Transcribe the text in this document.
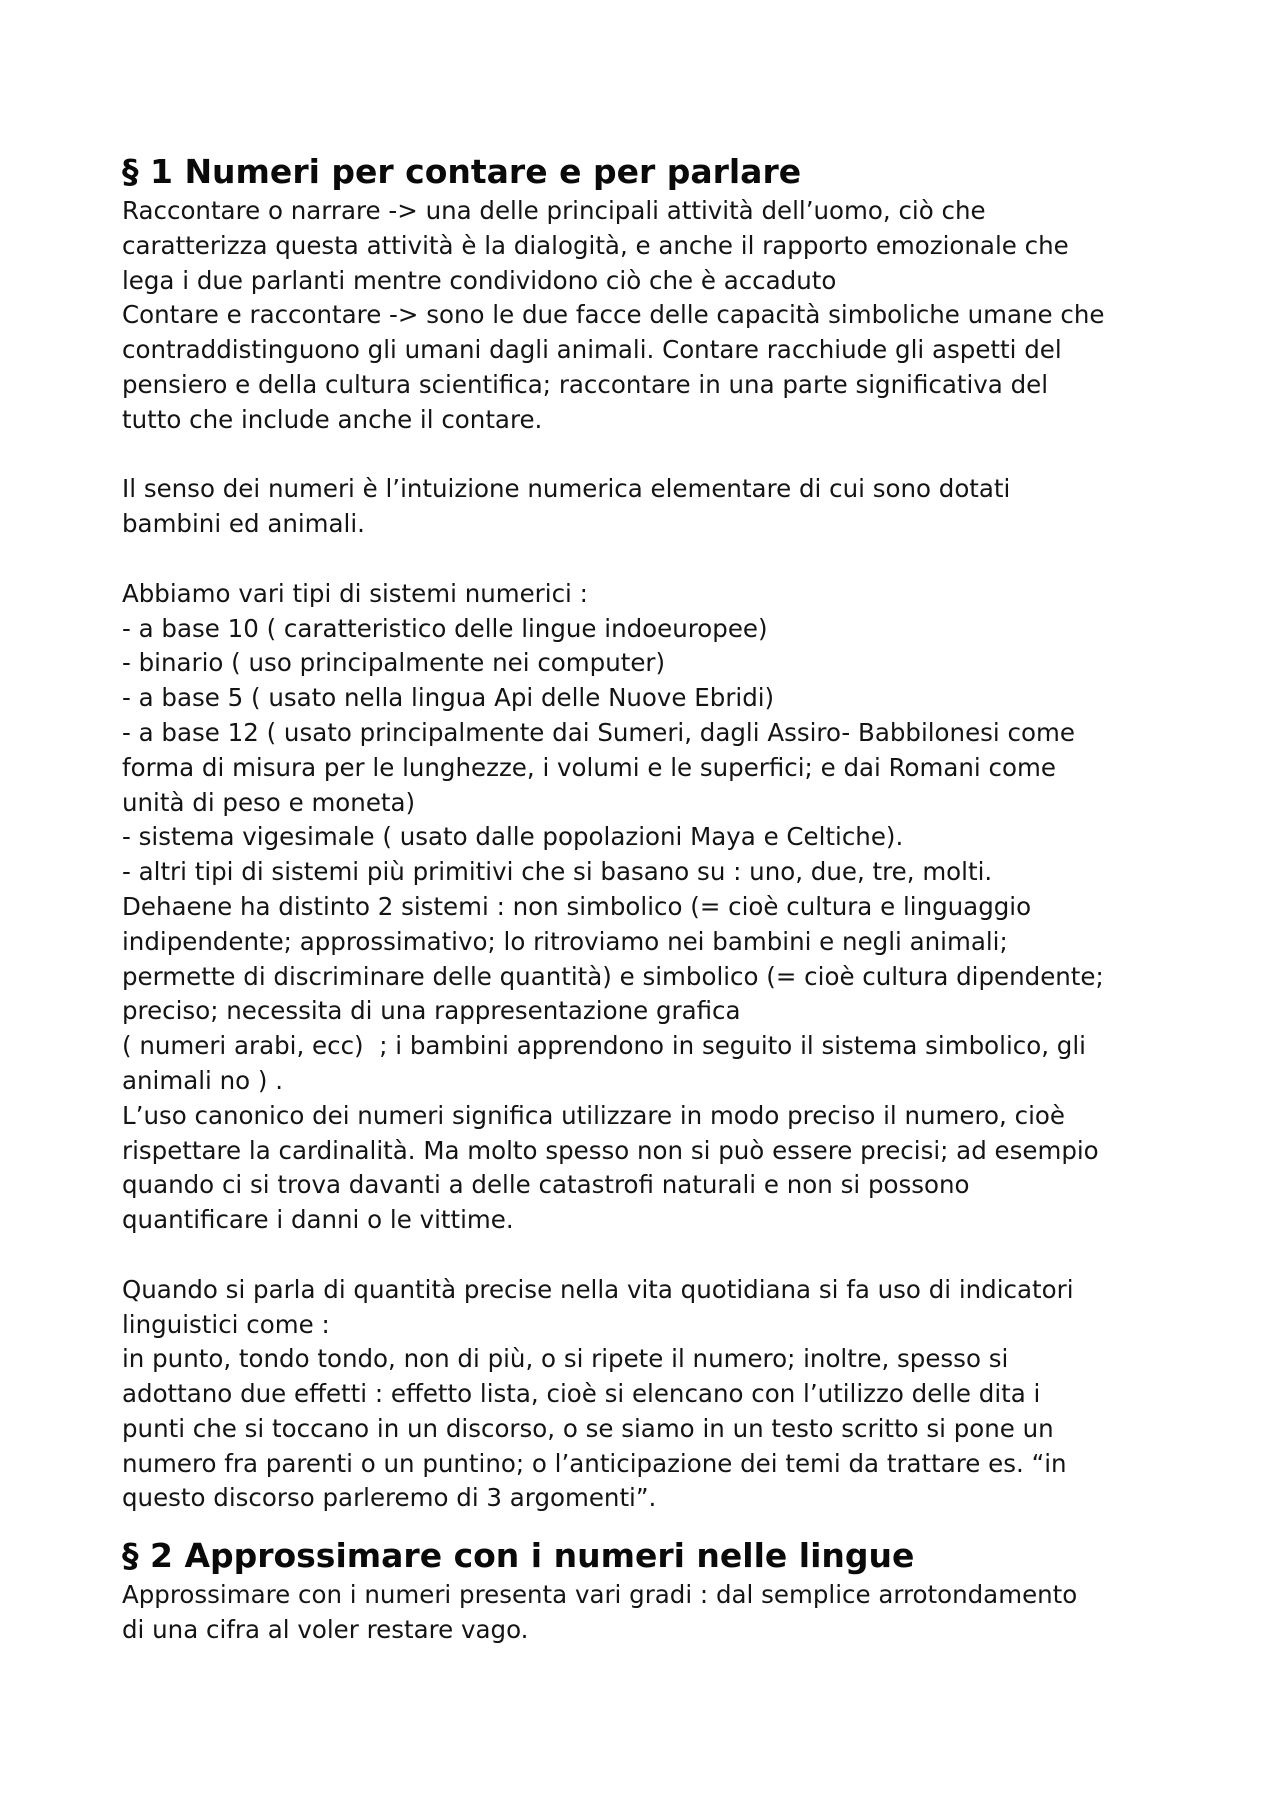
§ 1 Numeri per contare e per parlare

Raccontare o narrare -> una delle principali attività dell’uomo, ciò che

caratterizza questa attività è la dialogità, e anche il rapporto emozionale che

lega i due parlanti mentre condividono ciò che è accaduto

Contare e raccontare -> sono le due facce delle capacità simboliche umane che

contraddistinguono gli umani dagli animali. Contare racchiude gli aspetti del

pensiero e della cultura scientifica; raccontare in una parte significativa del

tutto che include anche il contare.

Il senso dei numeri è l’intuizione numerica elementare di cui sono dotati

bambini ed animali.

Abbiamo vari tipi di sistemi numerici :

- a base 10 ( caratteristico delle lingue indoeuropee)

- binario ( uso principalmente nei computer)

- a base 5 ( usato nella lingua Api delle Nuove Ebridi)

- a base 12 ( usato principalmente dai Sumeri, dagli Assiro- Babbilonesi come

forma di misura per le lunghezze, i volumi e le superfici; e dai Romani come

unità di peso e moneta)

- sistema vigesimale ( usato dalle popolazioni Maya e Celtiche).

- altri tipi di sistemi più primitivi che si basano su : uno, due, tre, molti.

Dehaene ha distinto 2 sistemi : non simbolico (= cioè cultura e linguaggio

indipendente; approssimativo; lo ritroviamo nei bambini e negli animali;

permette di discriminare delle quantità) e simbolico (= cioè cultura dipendente;

preciso; necessita di una rappresentazione grafica

( numeri arabi, ecc)  ; i bambini apprendono in seguito il sistema simbolico, gli

animali no ) .

L’uso canonico dei numeri significa utilizzare in modo preciso il numero, cioè

rispettare la cardinalità. Ma molto spesso non si può essere precisi; ad esempio

quando ci si trova davanti a delle catastrofi naturali e non si possono

quantificare i danni o le vittime.

Quando si parla di quantità precise nella vita quotidiana si fa uso di indicatori

linguistici come :

in punto, tondo tondo, non di più, o si ripete il numero; inoltre, spesso si

adottano due effetti : effetto lista, cioè si elencano con l’utilizzo delle dita i

punti che si toccano in un discorso, o se siamo in un testo scritto si pone un

numero fra parenti o un puntino; o l’anticipazione dei temi da trattare es. “in

questo discorso parleremo di 3 argomenti”.

§ 2 Approssimare con i numeri nelle lingue

Approssimare con i numeri presenta vari gradi : dal semplice arrotondamento

di una cifra al voler restare vago.
